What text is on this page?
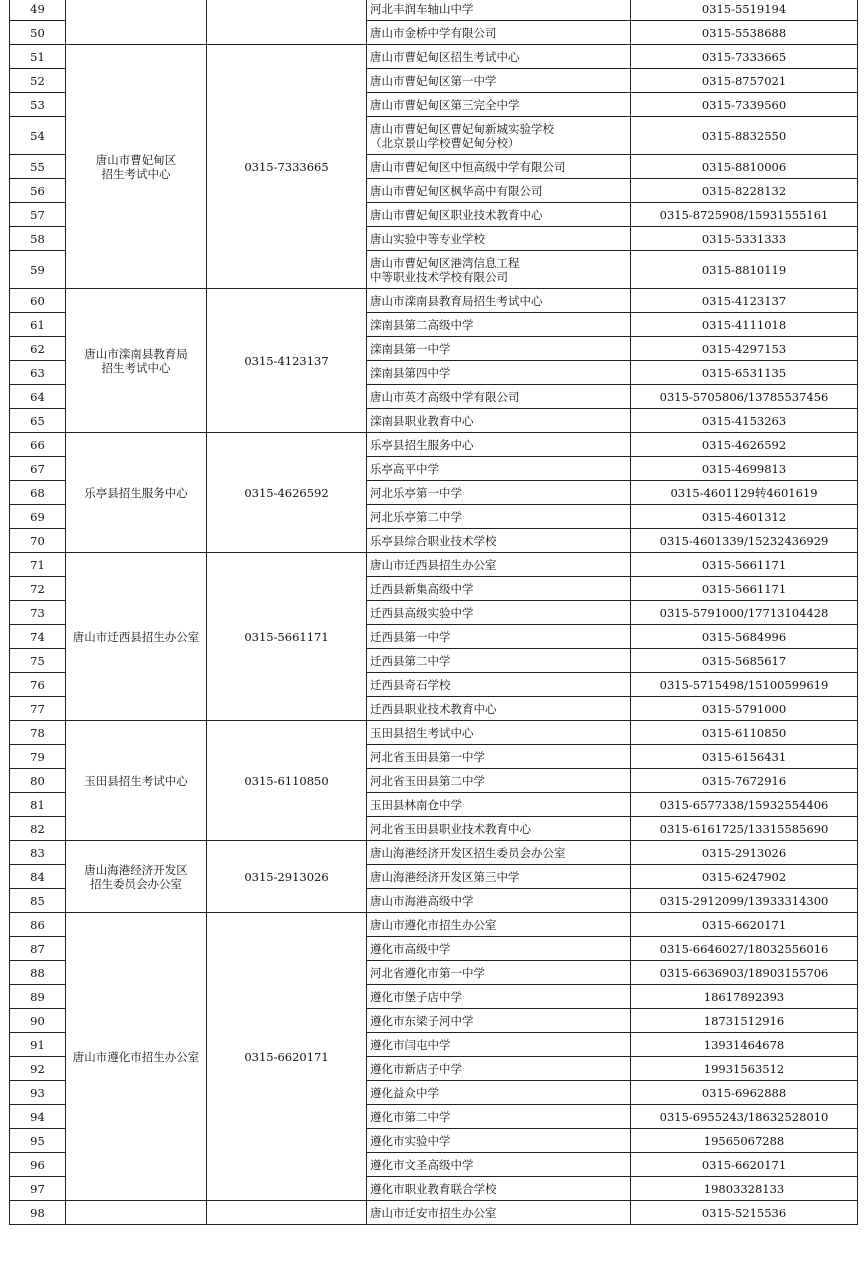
49			河北丰润车轴山中学	0315-5519194
50			唐山市金桥中学有限公司	0315-5538688
51	唐山市曹妃甸区
招生考试中心	0315-7333665	唐山市曹妃甸区招生考试中心	0315-7333665
52			唐山市曹妃甸区第一中学	0315-8757021
53			唐山市曹妃甸区第三完全中学	0315-7339560
54			唐山市曹妃甸区曹妃甸新城实验学校
（北京景山学校曹妃甸分校）	0315-8832550
55			唐山市曹妃甸区中恒高级中学有限公司	0315-8810006
56			唐山市曹妃甸区枫华高中有限公司	0315-8228132
57			唐山市曹妃甸区职业技术教育中心	0315-8725908/15931555161
58			唐山实验中等专业学校	0315-5331333
59			唐山市曹妃甸区港湾信息工程
中等职业技术学校有限公司	0315-8810119
60	唐山市滦南县教育局
招生考试中心	0315-4123137	唐山市滦南县教育局招生考试中心	0315-4123137
61			滦南县第二高级中学	0315-4111018
62			滦南县第一中学	0315-4297153
63			滦南县第四中学	0315-6531135
64			唐山市英才高级中学有限公司	0315-5705806/13785537456
65			滦南县职业教育中心	0315-4153263
66	乐亭县招生服务中心	0315-4626592	乐亭县招生服务中心	0315-4626592
67			乐亭高平中学	0315-4699813
68			河北乐亭第一中学	0315-4601129转4601619
69			河北乐亭第二中学	0315-4601312
70			乐亭县综合职业技术学校	0315-4601339/15232436929
71	唐山市迁西县招生办公室	0315-5661171	唐山市迁西县招生办公室	0315-5661171
72			迁西县新集高级中学	0315-5661171
73			迁西县高级实验中学	0315-5791000/17713104428
74			迁西县第一中学	0315-5684996
75			迁西县第二中学	0315-5685617
76			迁西县奇石学校	0315-5715498/15100599619
77			迁西县职业技术教育中心	0315-5791000
78	玉田县招生考试中心	0315-6110850	玉田县招生考试中心	0315-6110850
79			河北省玉田县第一中学	0315-6156431
80			河北省玉田县第二中学	0315-7672916
81			玉田县林南仓中学	0315-6577338/15932554406
82			河北省玉田县职业技术教育中心	0315-6161725/13315585690
83	唐山海港经济开发区
招生委员会办公室	0315-2913026	唐山海港经济开发区招生委员会办公室	0315-2913026
84			唐山海港经济开发区第三中学	0315-6247902
85			唐山市海港高级中学	0315-2912099/13933314300
86	唐山市遵化市招生办公室	0315-6620171	唐山市遵化市招生办公室	0315-6620171
87			遵化市高级中学	0315-6646027/18032556016
88			河北省遵化市第一中学	0315-6636903/18903155706
89			遵化市堡子店中学	18617892393
90			遵化市东梁子河中学	18731512916
91			遵化市闫屯中学	13931464678
92			遵化市新店子中学	19931563512
93			遵化益众中学	0315-6962888
94			遵化市第二中学	0315-6955243/18632528010
95			遵化市实验中学	19565067288
96			遵化市文圣高级中学	0315-6620171
97			遵化市职业教育联合学校	19803328133
98			唐山市迁安市招生办公室	0315-5215536
